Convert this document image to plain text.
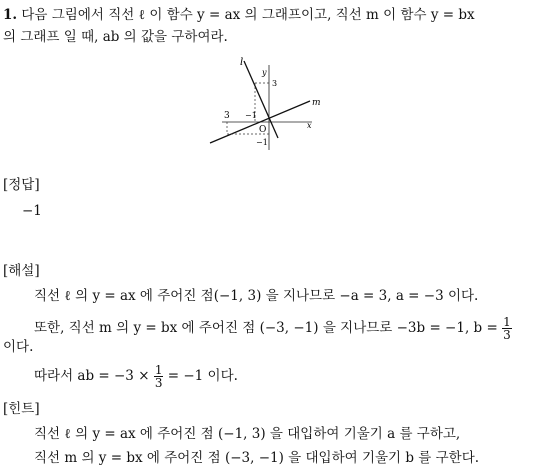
1. 다음 그림에서 직선 ℓ 이 함수 y = ax 의 그래프이고, 직선 m 이 함수 y = bx
의 그래프 일 때, ab 의 값을 구하여라.
l
m
y
x
O
3 −1
3
−1
[정답]
−1
[해설]
직선 ℓ 의 y = ax 에 주어진 점(−1, 3) 을 지나므로 −a = 3, a = −3 이다.
또한, 직선 m 의 y = bx 에 주어진 점 (−3, −1) 을 지나므로 −3b = −1, $b = \frac{1}{3}$
이다.
따라서 ab = $-3 \times \frac{1}{3} = -1$ 이다.
[힌트]
직선 ℓ 의 y = ax 에 주어진 점 (−1, 3) 을 대입하여 기울기 a 를 구하고,
직선 m 의 y = bx 에 주어진 점 (−3, −1) 을 대입하여 기울기 b 를 구한다.
